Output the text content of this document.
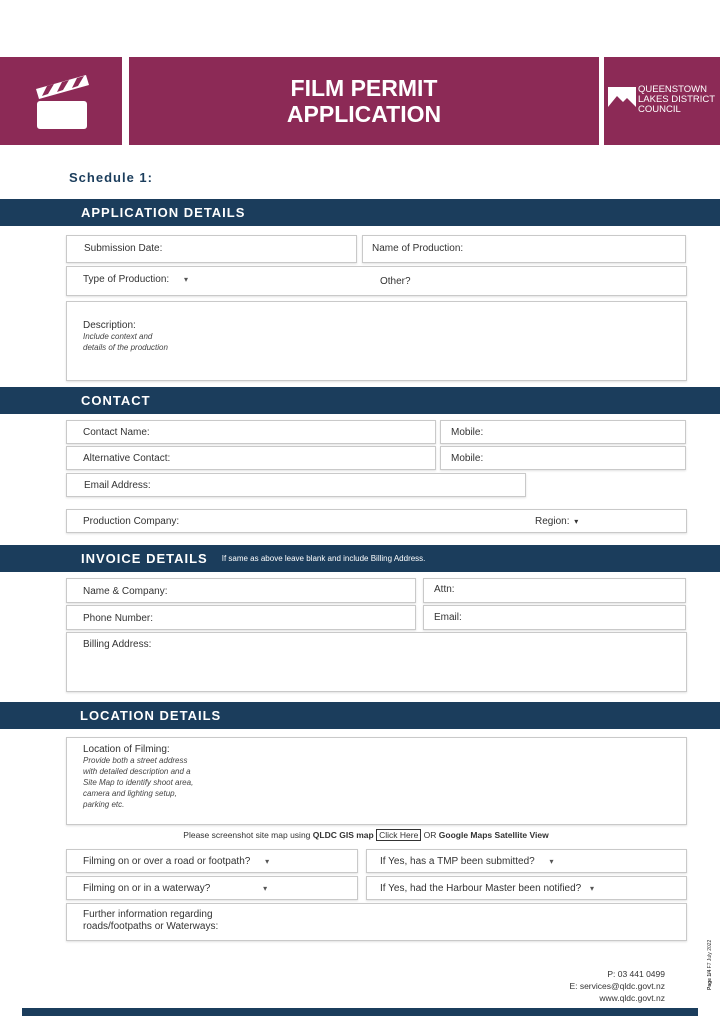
FILM PERMIT
APPLICATION
QUEENSTOWN
LAKES DISTRICT
COUNCIL
Schedule 1:
APPLICATION DETAILS
Submission Date:	Name of Production:
Type of Production: ▾	Other?
Description:
Include context and
details of the production
CONTACT
Contact Name:	Mobile:
Alternative Contact:	Mobile:
Email Address:
Production Company:	Region: ▾
INVOICE DETAILS If same as above leave blank and include Billing Address.
Name & Company:	Attn:
Phone Number:	Email:
Billing Address:
LOCATION DETAILS
Location of Filming:
Provide both a street address
with detailed description and a
Site Map to identify shoot area,
camera and lighting setup,
parking etc.
Please screenshot site map using QLDC GIS map Click Here OR Google Maps Satellite View
Filming on or over a road or footpath? ▾	If Yes, has a TMP been submitted? ▾
Filming on or in a waterway?	▾	If Yes, had the Harbour Master been notified? ▾
Further information regarding
roads/footpaths or Waterways:
Page 1/4 F7 July 2022
P: 03 441 0499
E: services@qldc.govt.nz
www.qldc.govt.nz
